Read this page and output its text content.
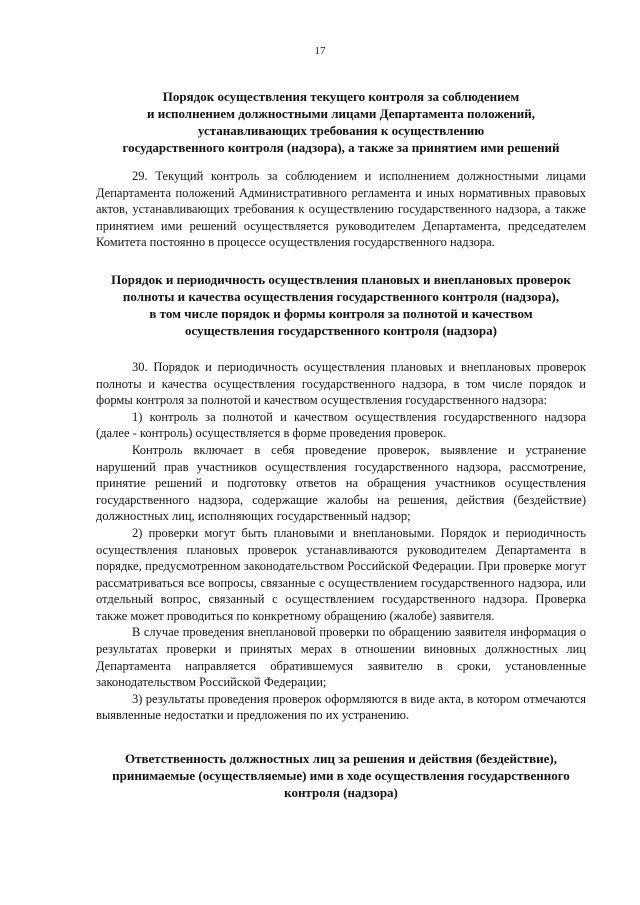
17
Порядок осуществления текущего контроля за соблюдением
и исполнением должностными лицами Департамента положений,
устанавливающих требования к осуществлению
государственного контроля (надзора), а также за принятием ими решений

29. Текущий контроль за соблюдением и исполнением должностными лицами Департамента положений Административного регламента и иных нормативных правовых актов, устанавливающих требования к осуществлению государственного надзора, а также принятием ими решений осуществляется руководителем Департамента, председателем Комитета постоянно в процессе осуществления государственного надзора.

Порядок и периодичность осуществления плановых и внеплановых проверок
полноты и качества осуществления государственного контроля (надзора),
в том числе порядок и формы контроля за полнотой и качеством
осуществления государственного контроля (надзора)

30. Порядок и периодичность осуществления плановых и внеплановых проверок полноты и качества осуществления государственного надзора, в том числе порядок и формы контроля за полнотой и качеством осуществления государственного надзора:

1) контроль за полнотой и качеством осуществления государственного надзора (далее - контроль) осуществляется в форме проведения проверок.

Контроль включает в себя проведение проверок, выявление и устранение нарушений прав участников осуществления государственного надзора, рассмотрение, принятие решений и подготовку ответов на обращения участников осуществления государственного надзора, содержащие жалобы на решения, действия (бездействие) должностных лиц, исполняющих государственный надзор;

2) проверки могут быть плановыми и внеплановыми. Порядок и периодичность осуществления плановых проверок устанавливаются руководителем Департамента в порядке, предусмотренном законодательством Российской Федерации. При проверке могут рассматриваться все вопросы, связанные с осуществлением государственного надзора, или отдельный вопрос, связанный с осуществлением государственного надзора. Проверка также может проводиться по конкретному обращению (жалобе) заявителя.

В случае проведения внеплановой проверки по обращению заявителя информация о результатах проверки и принятых мерах в отношении виновных должностных лиц Департамента направляется обратившемуся заявителю в сроки, установленные законодательством Российской Федерации;

3) результаты проведения проверок оформляются в виде акта, в котором отмечаются выявленные недостатки и предложения по их устранению.

Ответственность должностных лиц за решения и действия (бездействие),
принимаемые (осуществляемые) ими в ходе осуществления государственного
контроля (надзора)
